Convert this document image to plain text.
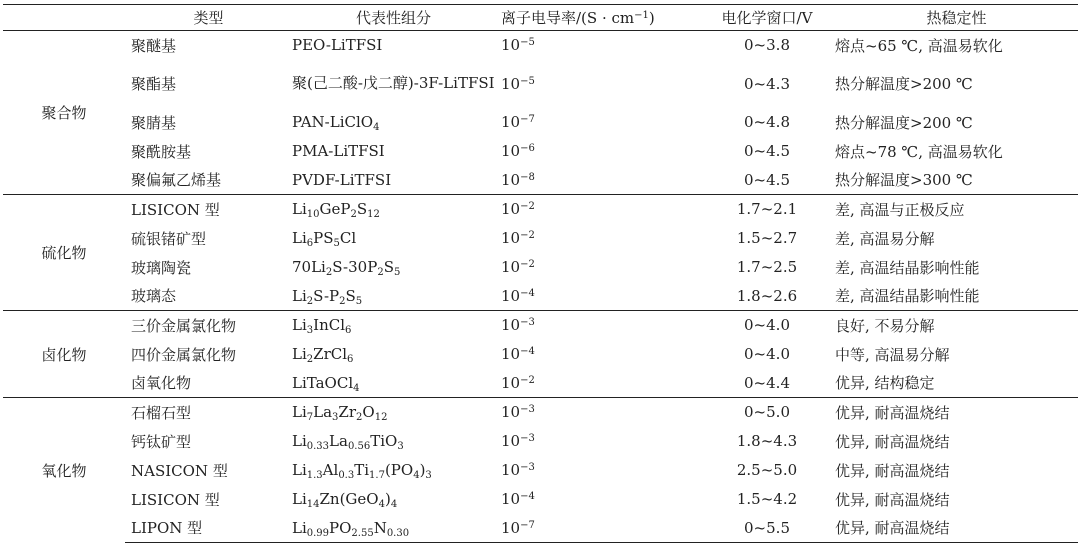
	类型	代表性组分	离子电导率$/(S \cdot cm^{-1})$	电化学窗口/V	热稳定性
聚合物	聚醚基	PEO-LiTFSI	$10^{-5}$	0~3.8	熔点~65 ℃, 高温易软化
	聚酯基	聚(己二酸-戊二醇)-3F-LiTFSI	$10^{-5}$	0~4.3	热分解温度>200 ℃
	聚腈基	PAN-LiClO$_4$	$10^{-7}$	0~4.8	热分解温度>200 ℃
	聚酰胺基	PMA-LiTFSI	$10^{-6}$	0~4.5	熔点~78 ℃, 高温易软化
	聚偏氟乙烯基	PVDF-LiTFSI	$10^{-8}$	0~4.5	热分解温度>300 ℃
硫化物	LISICON 型	$Li_{10}GeP_2S_{12}$	$10^{-2}$	1.7~2.1	差, 高温与正极反应
	硫银锗矿型	$Li_6PS_5Cl$	$10^{-2}$	1.5~2.7	差, 高温易分解
	玻璃陶瓷	$70Li_2S-30P_2S_5$	$10^{-2}$	1.7~2.5	差, 高温结晶影响性能
	玻璃态	$Li_2S-P_2S_5$	$10^{-4}$	1.8~2.6	差, 高温结晶影响性能
卤化物	三价金属氯化物	$Li_3InCl_6$	$10^{-3}$	0~4.0	良好, 不易分解
	四价金属氯化物	$Li_2ZrCl_6$	$10^{-4}$	0~4.0	中等, 高温易分解
	卤氧化物	LiTaOCl$_4$	$10^{-2}$	0~4.4	优异, 结构稳定
氧化物	石榴石型	$Li_7La_3Zr_2O_{12}$	$10^{-3}$	0~5.0	优异, 耐高温烧结
	钙钛矿型	$Li_{0.33}La_{0.56}TiO_3$	$10^{-3}$	1.8~4.3	优异, 耐高温烧结
	NASICON 型	$Li_{1.3}Al_{0.3}Ti_{1.7}(PO_4)_3$	$10^{-3}$	2.5~5.0	优异, 耐高温烧结
	LISICON 型	$Li_{14}Zn(GeO_4)_4$	$10^{-4}$	1.5~4.2	优异, 耐高温烧结
	LIPON 型	$Li_{0.99}PO_{2.55}N_{0.30}$	$10^{-7}$	0~5.5	优异, 耐高温烧结
